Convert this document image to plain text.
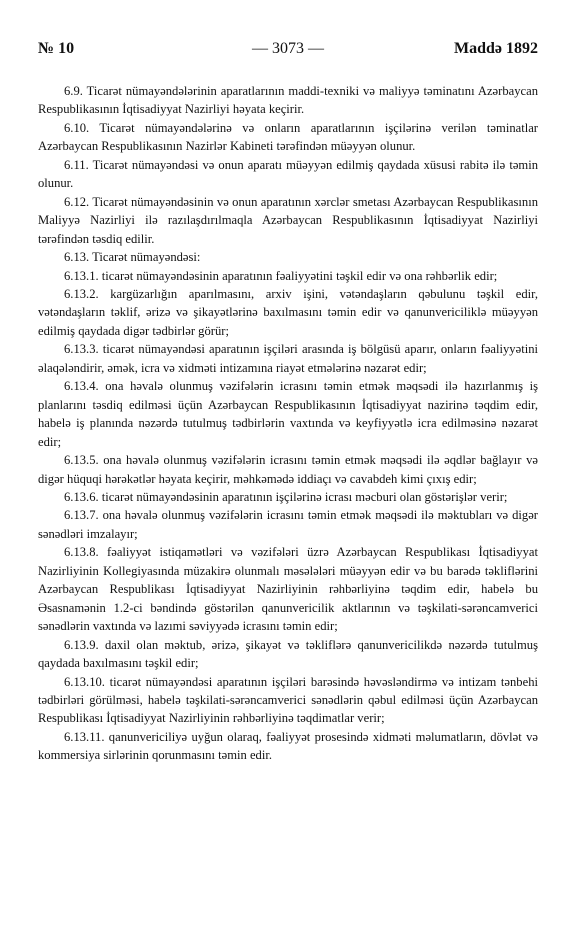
№ 10	— 3073 —	Maddə 1892

6.9. Ticarət nümayəndələrinin aparatlarının maddi-texniki və maliyyə təminatını Azərbaycan Respublikasının İqtisadiyyat Nazirliyi həyata keçirir.

6.10. Ticarət nümayəndələrinə və onların aparatlarının işçilərinə verilən təminatlar Azərbaycan Respublikasının Nazirlər Kabineti tərəfindən müəyyən olunur.

6.11. Ticarət nümayəndəsi və onun aparatı müəyyən edilmiş qaydada xüsusi rabitə ilə təmin olunur.

6.12. Ticarət nümayəndəsinin və onun aparatının xərclər smetası Azərbaycan Respublikasının Maliyyə Nazirliyi ilə razılaşdırılmaqla Azərbaycan Respublikasının İqtisadiyyat Nazirliyi tərəfindən təsdiq edilir.

6.13. Ticarət nümayəndəsi:

6.13.1. ticarət nümayəndəsinin aparatının fəaliyyətini təşkil edir və ona rəhbərlik edir;

6.13.2. kargüzarlığın aparılmasını, arxiv işini, vətəndaşların qəbulunu təşkil edir, vətəndaşların təklif, ərizə və şikayətlərinə baxılmasını təmin edir və qanunvericiliklə müəyyən edilmiş qaydada digər tədbirlər görür;

6.13.3. ticarət nümayəndəsi aparatının işçiləri arasında iş bölgüsü aparır, onların fəaliyyətini əlaqələndirir, əmək, icra və xidməti intizamına riayət etmələrinə nəzarət edir;

6.13.4. ona həvalə olunmuş vəzifələrin icrasını təmin etmək məqsədi ilə hazırlanmış iş planlarını təsdiq edilməsi üçün Azərbaycan Respublikasının İqtisadiyyat nazirinə təqdim edir, habelə iş planında nəzərdə tutulmuş tədbirlərin vaxtında və keyfiyyətlə icra edilməsinə nəzarət edir;

6.13.5. ona həvalə olunmuş vəzifələrin icrasını təmin etmək məqsədi ilə əqdlər bağlayır və digər hüquqi hərəkətlər həyata keçirir, məhkəmədə iddiaçı və cavabdeh kimi çıxış edir;

6.13.6. ticarət nümayəndəsinin aparatının işçilərinə icrası məcburi olan göstərişlər verir;

6.13.7. ona həvalə olunmuş vəzifələrin icrasını təmin etmək məqsədi ilə məktubları və digər sənədləri imzalayır;

6.13.8. fəaliyyət istiqamətləri və vəzifələri üzrə Azərbaycan Respublikası İqtisadiyyat Nazirliyinin Kollegiyasında müzakirə olunmalı məsələləri müəyyən edir və bu barədə təkliflərini Azərbaycan Respublikası İqtisadiyyat Nazirliyinin rəhbərliyinə təqdim edir, habelə bu Əsasnamənin 1.2-ci bəndində göstərilən qanunvericilik aktlarının və təşkilati-sərəncamverici sənədlərin vaxtında və lazımi səviyyədə icrasını təmin edir;

6.13.9. daxil olan məktub, ərizə, şikayət və təkliflərə qanunvericilikdə nəzərdə tutulmuş qaydada baxılmasını təşkil edir;

6.13.10. ticarət nümayəndəsi aparatının işçiləri barəsində həvəsləndirmə və intizam tənbehi tədbirləri görülməsi, habelə təşkilati-sərəncamverici sənədlərin qəbul edilməsi üçün Azərbaycan Respublikası İqtisadiyyat Nazirliyinin rəhbərliyinə təqdimatlar verir;

6.13.11. qanunvericiliyə uyğun olaraq, fəaliyyət prosesində xidməti məlumatların, dövlət və kommersiya sirlərinin qorunmasını təmin edir.
